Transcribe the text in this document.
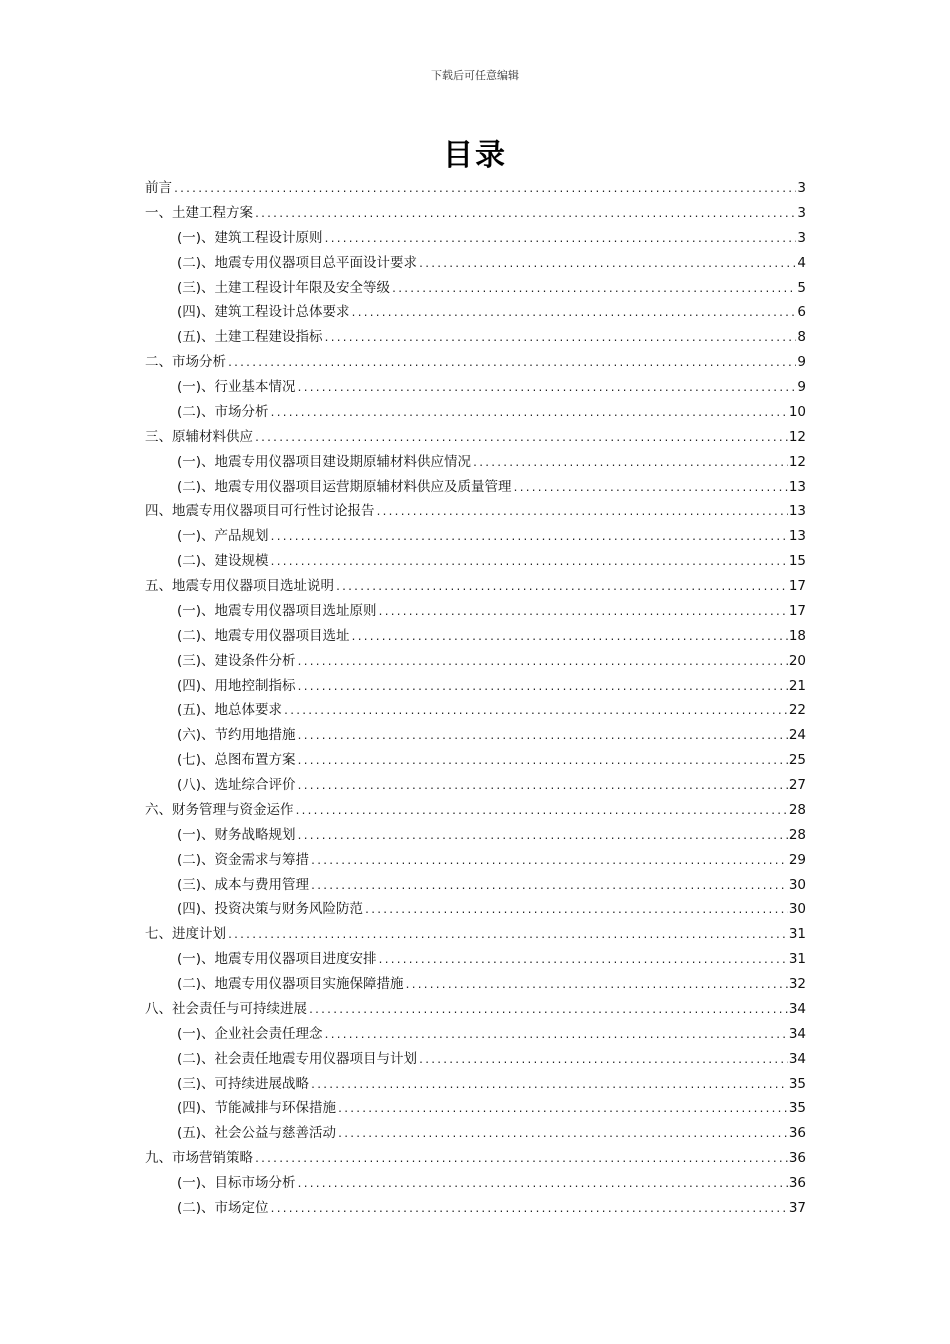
下载后可任意编辑
目录
前言 .....	3
一、土建工程方案 .....	3
(一)、建筑工程设计原则 .....	3
(二)、地震专用仪器项目总平面设计要求 .....	4
(三)、土建工程设计年限及安全等级 .....	5
(四)、建筑工程设计总体要求 .....	6
(五)、土建工程建设指标 .....	8
二、市场分析 .....	9
(一)、行业基本情况 .....	9
(二)、市场分析 .....	10
三、原辅材料供应 .....	12
(一)、地震专用仪器项目建设期原辅材料供应情况 .....	12
(二)、地震专用仪器项目运营期原辅材料供应及质量管理 .....	13
四、地震专用仪器项目可行性讨论报告 .....	13
(一)、产品规划 .....	13
(二)、建设规模 .....	15
五、地震专用仪器项目选址说明 .....	17
(一)、地震专用仪器项目选址原则 .....	17
(二)、地震专用仪器项目选址 .....	18
(三)、建设条件分析 .....	20
(四)、用地控制指标 .....	21
(五)、地总体要求 .....	22
(六)、节约用地措施 .....	24
(七)、总图布置方案 .....	25
(八)、选址综合评价 .....	27
六、财务管理与资金运作 .....	28
(一)、财务战略规划 .....	28
(二)、资金需求与筹措 .....	29
(三)、成本与费用管理 .....	30
(四)、投资决策与财务风险防范 .....	30
七、进度计划 .....	31
(一)、地震专用仪器项目进度安排 .....	31
(二)、地震专用仪器项目实施保障措施 .....	32
八、社会责任与可持续进展 .....	34
(一)、企业社会责任理念 .....	34
(二)、社会责任地震专用仪器项目与计划 .....	34
(三)、可持续进展战略 .....	35
(四)、节能减排与环保措施 .....	35
(五)、社会公益与慈善活动 .....	36
九、市场营销策略 .....	36
(一)、目标市场分析 .....	36
(二)、市场定位 .....	37
